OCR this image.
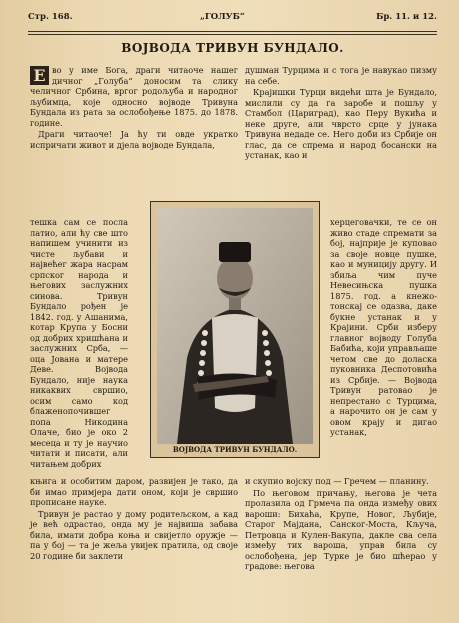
Стр. 168.	„ГОЛУБ“	Бр. 11. и 12.
ВОЈВОДА ТРИВУН БУНДАЛО.

Е во у име Бога, драги читаоче нашег дичног „Голуба“ доносим та слику челичног Србина, вргог родољуба и народног љубимца, које односно војводе Тривуна Бундала из рата за ослобођење 1875. до 1878. године.

Драги читаоче! Ја ћу ти овде укратко испричати живот и дјела војводе Бундала,

душман Турцима и с тога је навукао пизму на себе.

Крајишки Турци видећи шта је Бундало, мислили су да га заробе и пошљу у Стамбол (Цариград), као Перу Вукића и неке друге, али чврсто срце у јунака Тривуна недаде се. Него доби из Србије он глас, да се спрема и народ босански на устанак, као и

тешка сам се посла латио, али ћу све што напишем учинити из чисте љубави и највећег жара насрам српског народа и његових заслужних синова. Тривун Бундало рођен је 1842. год. у Ашанима, котар Крупа у Босни од добрих хришћана и заслужних Срба, — оца Јована и матере Деве. Војвода Бундало, није наука никаквих свршио, осим само код блаженопочившег попа Никодина Олаче, био је око 2 месеца и ту је научио читати и писати, али читањем добрих

ВОЈВОДА ТРИВУН БУНДАЛО.

херцеговачки, те се он живо стаде спремати за бој, најприје је куповао за своје новце пушке, као и муницију другу. И збиља чим пуче Невесињска пушка 1875. год. а кнежо-тонскај се одазва, даке букне устанак и у Крајини. Срби изберу главног војводу Голуба Бабића, који управљаше четом све до доласка пуковника Деспотовића из Србије. — Војвода Тривун ратоваo је непрестано с Турцима, а нарочито он је сам у овом крају и дигао устанак,

књига и особитим даром, развијен је тако, да би имао примјера дати оном, који је свршио прописане науке.

Тривун је растао у дому родитељском, а кад је већ одрастао, онда му је највиша забава била, имати добра коња и свијетло оружје — па у бој — та је жеља увијек пратила, од своје 20 године би заклети

и скупио војску под — Гречем — планину.

По његовом причању, његова је чета пролазила од Грмеча па онда између ових вароши: Бихаћа, Крупе, Новог, Љубије, Старог Мајдана, Санског-Моста, Кључа, Петровца и Кулен-Вакупа, дакле сва села између тих вароша, управ била су ослобођена, јер Турке је био шћерао у градове: његова
